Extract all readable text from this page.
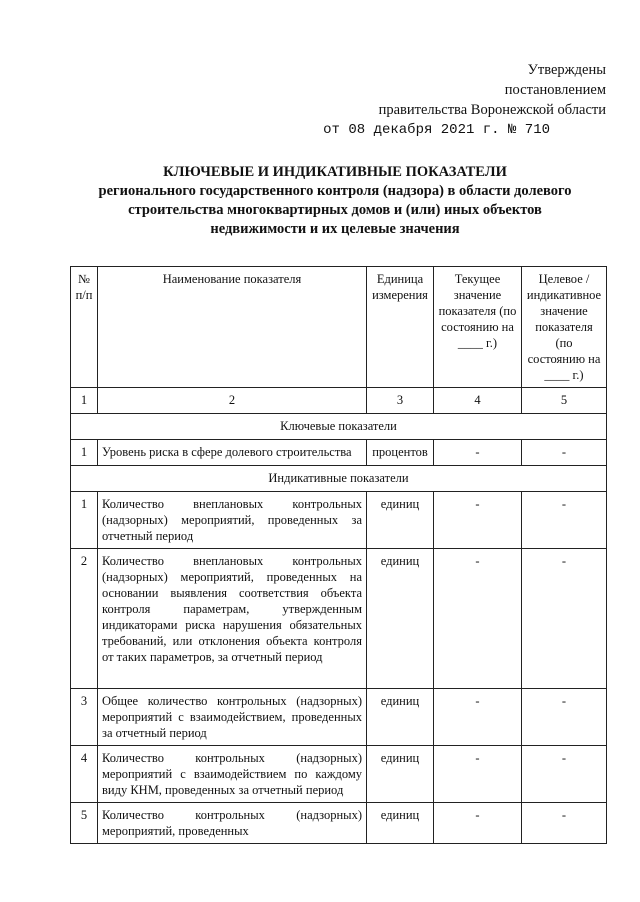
Утверждены
постановлением
правительства Воронежской области
от 08 декабря 2021 г. № 710
КЛЮЧЕВЫЕ И ИНДИКАТИВНЫЕ ПОКАЗАТЕЛИ
регионального государственного контроля (надзора) в области долевого
строительства многоквартирных домов и (или) иных объектов
недвижимости и их целевые значения
№ п/п	Наименование показателя	Единица измерения	Текущее значение показателя (по состоянию на ____ г.)	Целевое /индикативное значение показателя (по состоянию на ____ г.)
1	2	3	4	5
Ключевые показатели				
1	Уровень риска в сфере долевого строительства	процентов	-	-
Индикативные показатели				
1	Количество внеплановых контрольных (надзорных) мероприятий, проведенных за отчетный период	единиц	-	-
2	Количество внеплановых контрольных (надзорных) мероприятий, проведенных на основании выявления соответствия объекта контроля параметрам, утвержденным индикаторами риска нарушения обязательных требований, или отклонения объекта контроля от таких параметров, за отчетный период	единиц	-	-
3	Общее количество контрольных (надзорных) мероприятий с взаимодействием, проведенных за отчетный период	единиц	-	-
4	Количество контрольных (надзорных) мероприятий с взаимодействием по каждому виду КНМ, проведенных за отчетный период	единиц	-	-
5	Количество контрольных (надзорных) мероприятий, проведенных	единиц	-	-
